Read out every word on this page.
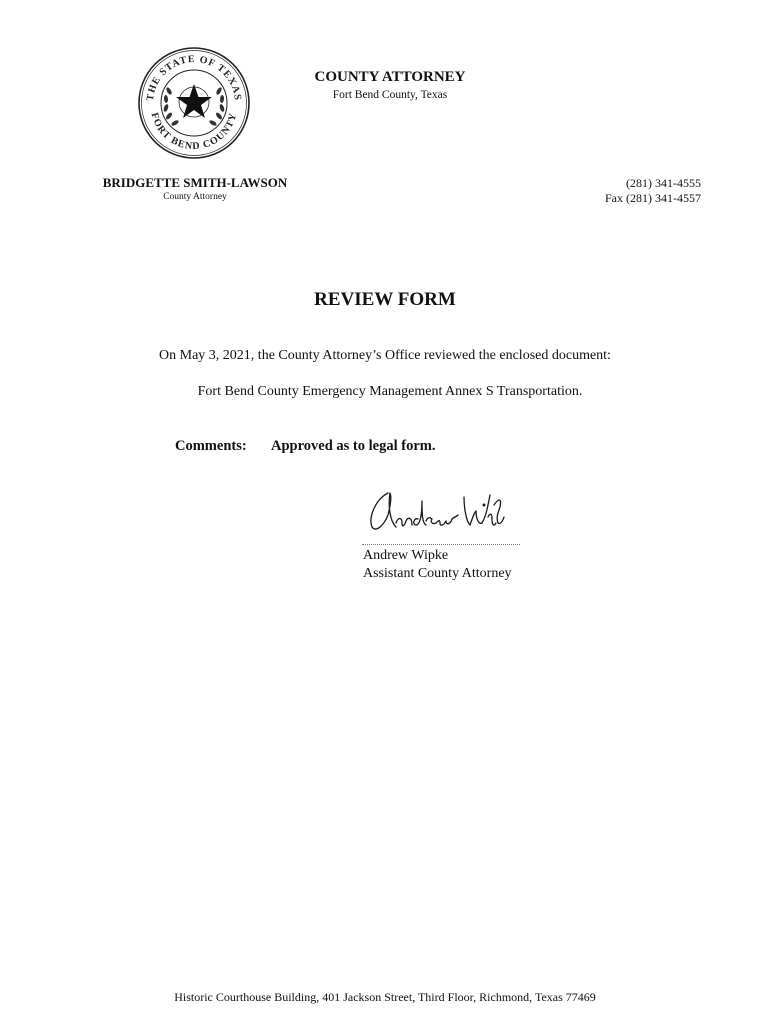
THE STATE OF TEXAS
FORT BEND COUNTY
COUNTY ATTORNEY
Fort Bend County, Texas
BRIDGETTE SMITH-LAWSON
County Attorney
(281) 341-4555
Fax (281) 341-4557
REVIEW FORM
On May 3, 2021, the County Attorney’s Office reviewed the enclosed document:
Fort Bend County Emergency Management Annex S Transportation.
Comments: Approved as to legal form.
Andrew Wipke
Assistant County Attorney
Historic Courthouse Building, 401 Jackson Street, Third Floor, Richmond, Texas 77469
